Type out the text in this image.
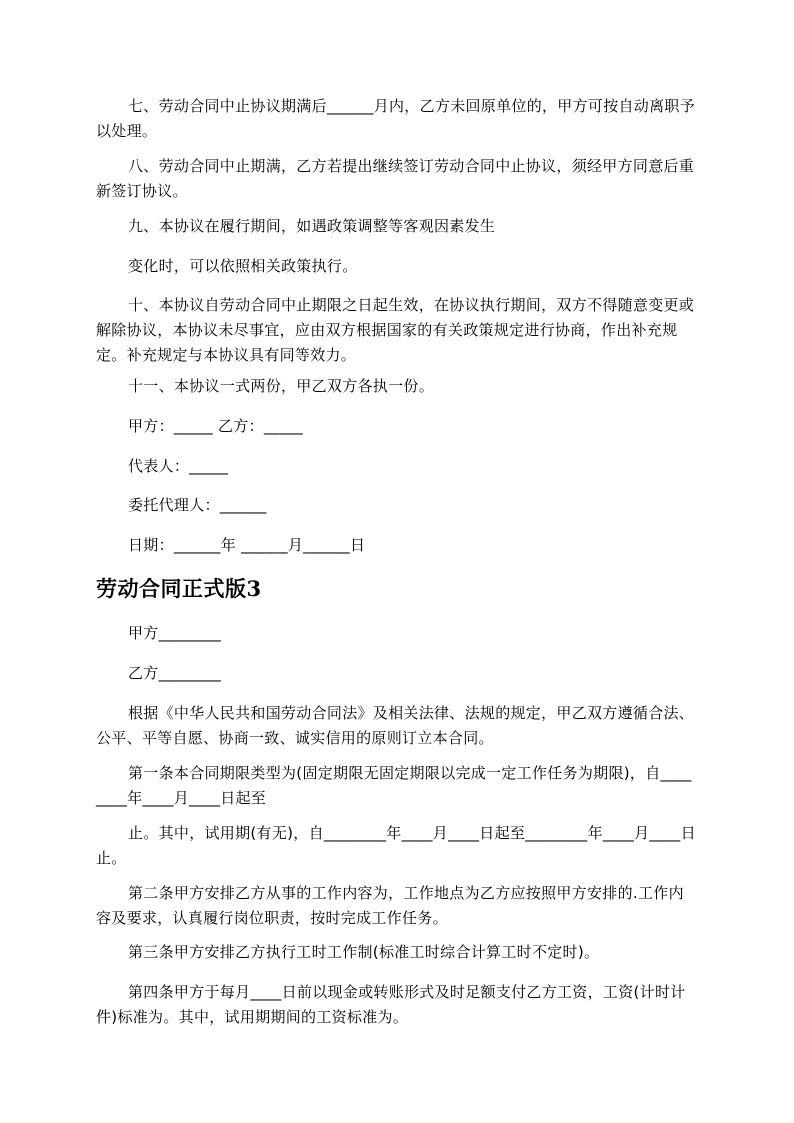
七、劳动合同中止协议期满后______月内，乙方未回原单位的，甲方可按自动离职予以处理。
八、劳动合同中止期满，乙方若提出继续签订劳动合同中止协议，须经甲方同意后重新签订协议。
九、本协议在履行期间，如遇政策调整等客观因素发生
变化时，可以依照相关政策执行。
十、本协议自劳动合同中止期限之日起生效，在协议执行期间，双方不得随意变更或解除协议，本协议未尽事宜，应由双方根据国家的有关政策规定进行协商，作出补充规定。补充规定与本协议具有同等效力。
十一、本协议一式两份，甲乙双方各执一份。
甲方：_____ 乙方：_____
代表人：_____
委托代理人：______
日期：______年 ______月______日
劳动合同正式版3
甲方________
乙方________
根据《中华人民共和国劳动合同法》及相关法律、法规的规定，甲乙双方遵循合法、公平、平等自愿、协商一致、诚实信用的原则订立本合同。
第一条本合同期限类型为(固定期限无固定期限以完成一定工作任务为期限)，自________年____月____日起至
止。其中，试用期(有无)，自________年____月____日起至________年____月____日止。
第二条甲方安排乙方从事的工作内容为，工作地点为乙方应按照甲方安排的.工作内容及要求，认真履行岗位职责，按时完成工作任务。
第三条甲方安排乙方执行工时工作制(标准工时综合计算工时不定时)。
第四条甲方于每月____日前以现金或转账形式及时足额支付乙方工资，工资(计时计件)标准为。其中，试用期期间的工资标准为。
